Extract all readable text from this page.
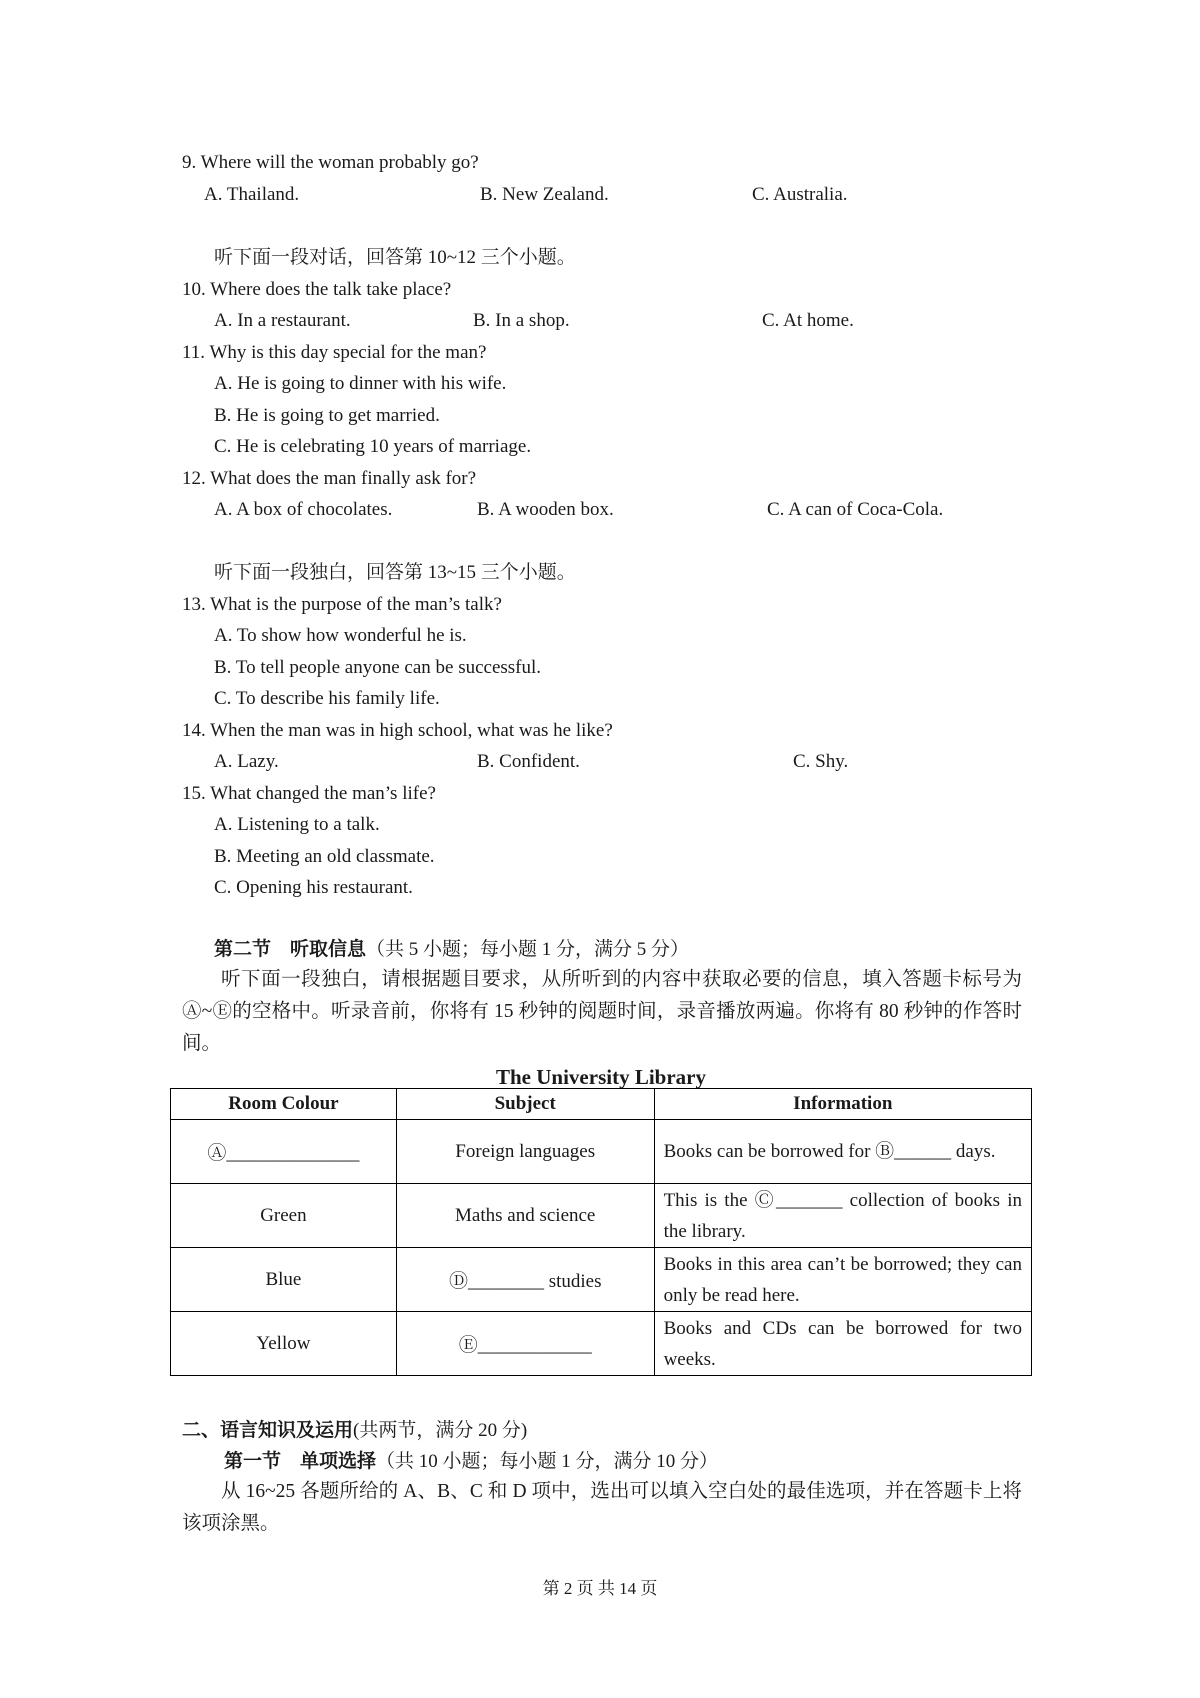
9. Where will the woman probably go?
A. Thailand.	B. New Zealand.	C. Australia.
听下面一段对话，回答第 10~12 三个小题。
10. Where does the talk take place?
A. In a restaurant.	B. In a shop.	C. At home.
11. Why is this day special for the man?
A. He is going to dinner with his wife.
B. He is going to get married.
C. He is celebrating 10 years of marriage.
12. What does the man finally ask for?
A. A box of chocolates.	B. A wooden box.	C. A can of Coca-Cola.
听下面一段独白，回答第 13~15 三个小题。
13. What is the purpose of the man’s talk?
A. To show how wonderful he is.
B. To tell people anyone can be successful.
C. To describe his family life.
14. When the man was in high school, what was he like?
A. Lazy.	B. Confident.	C. Shy.
15. What changed the man’s life?
A. Listening to a talk.
B. Meeting an old classmate.
C. Opening his restaurant.
第二节　听取信息（共 5 小题；每小题 1 分，满分 5 分）
听下面一段独白，请根据题目要求，从所听到的内容中获取必要的信息，填入答题卡标号为Ⓐ~Ⓔ的空格中。听录音前，你将有 15 秒钟的阅题时间，录音播放两遍。你将有 80 秒钟的作答时间。
The University Library
Room Colour	Subject	Information
Ⓐ______________	Foreign languages	Books can be borrowed for Ⓑ______ days.
Green	Maths and science	This is the Ⓒ_______ collection of books in the library.
Blue	Ⓓ________ studies	Books in this area can’t be borrowed; they can only be read here.
Yellow	Ⓔ____________	Books and CDs can be borrowed for two weeks.
二、语言知识及运用(共两节，满分 20 分)
第一节　单项选择（共 10 小题；每小题 1 分，满分 10 分）
从 16~25 各题所给的 A、B、C 和 D 项中，选出可以填入空白处的最佳选项，并在答题卡上将该项涂黑。
第 2 页 共 14 页
